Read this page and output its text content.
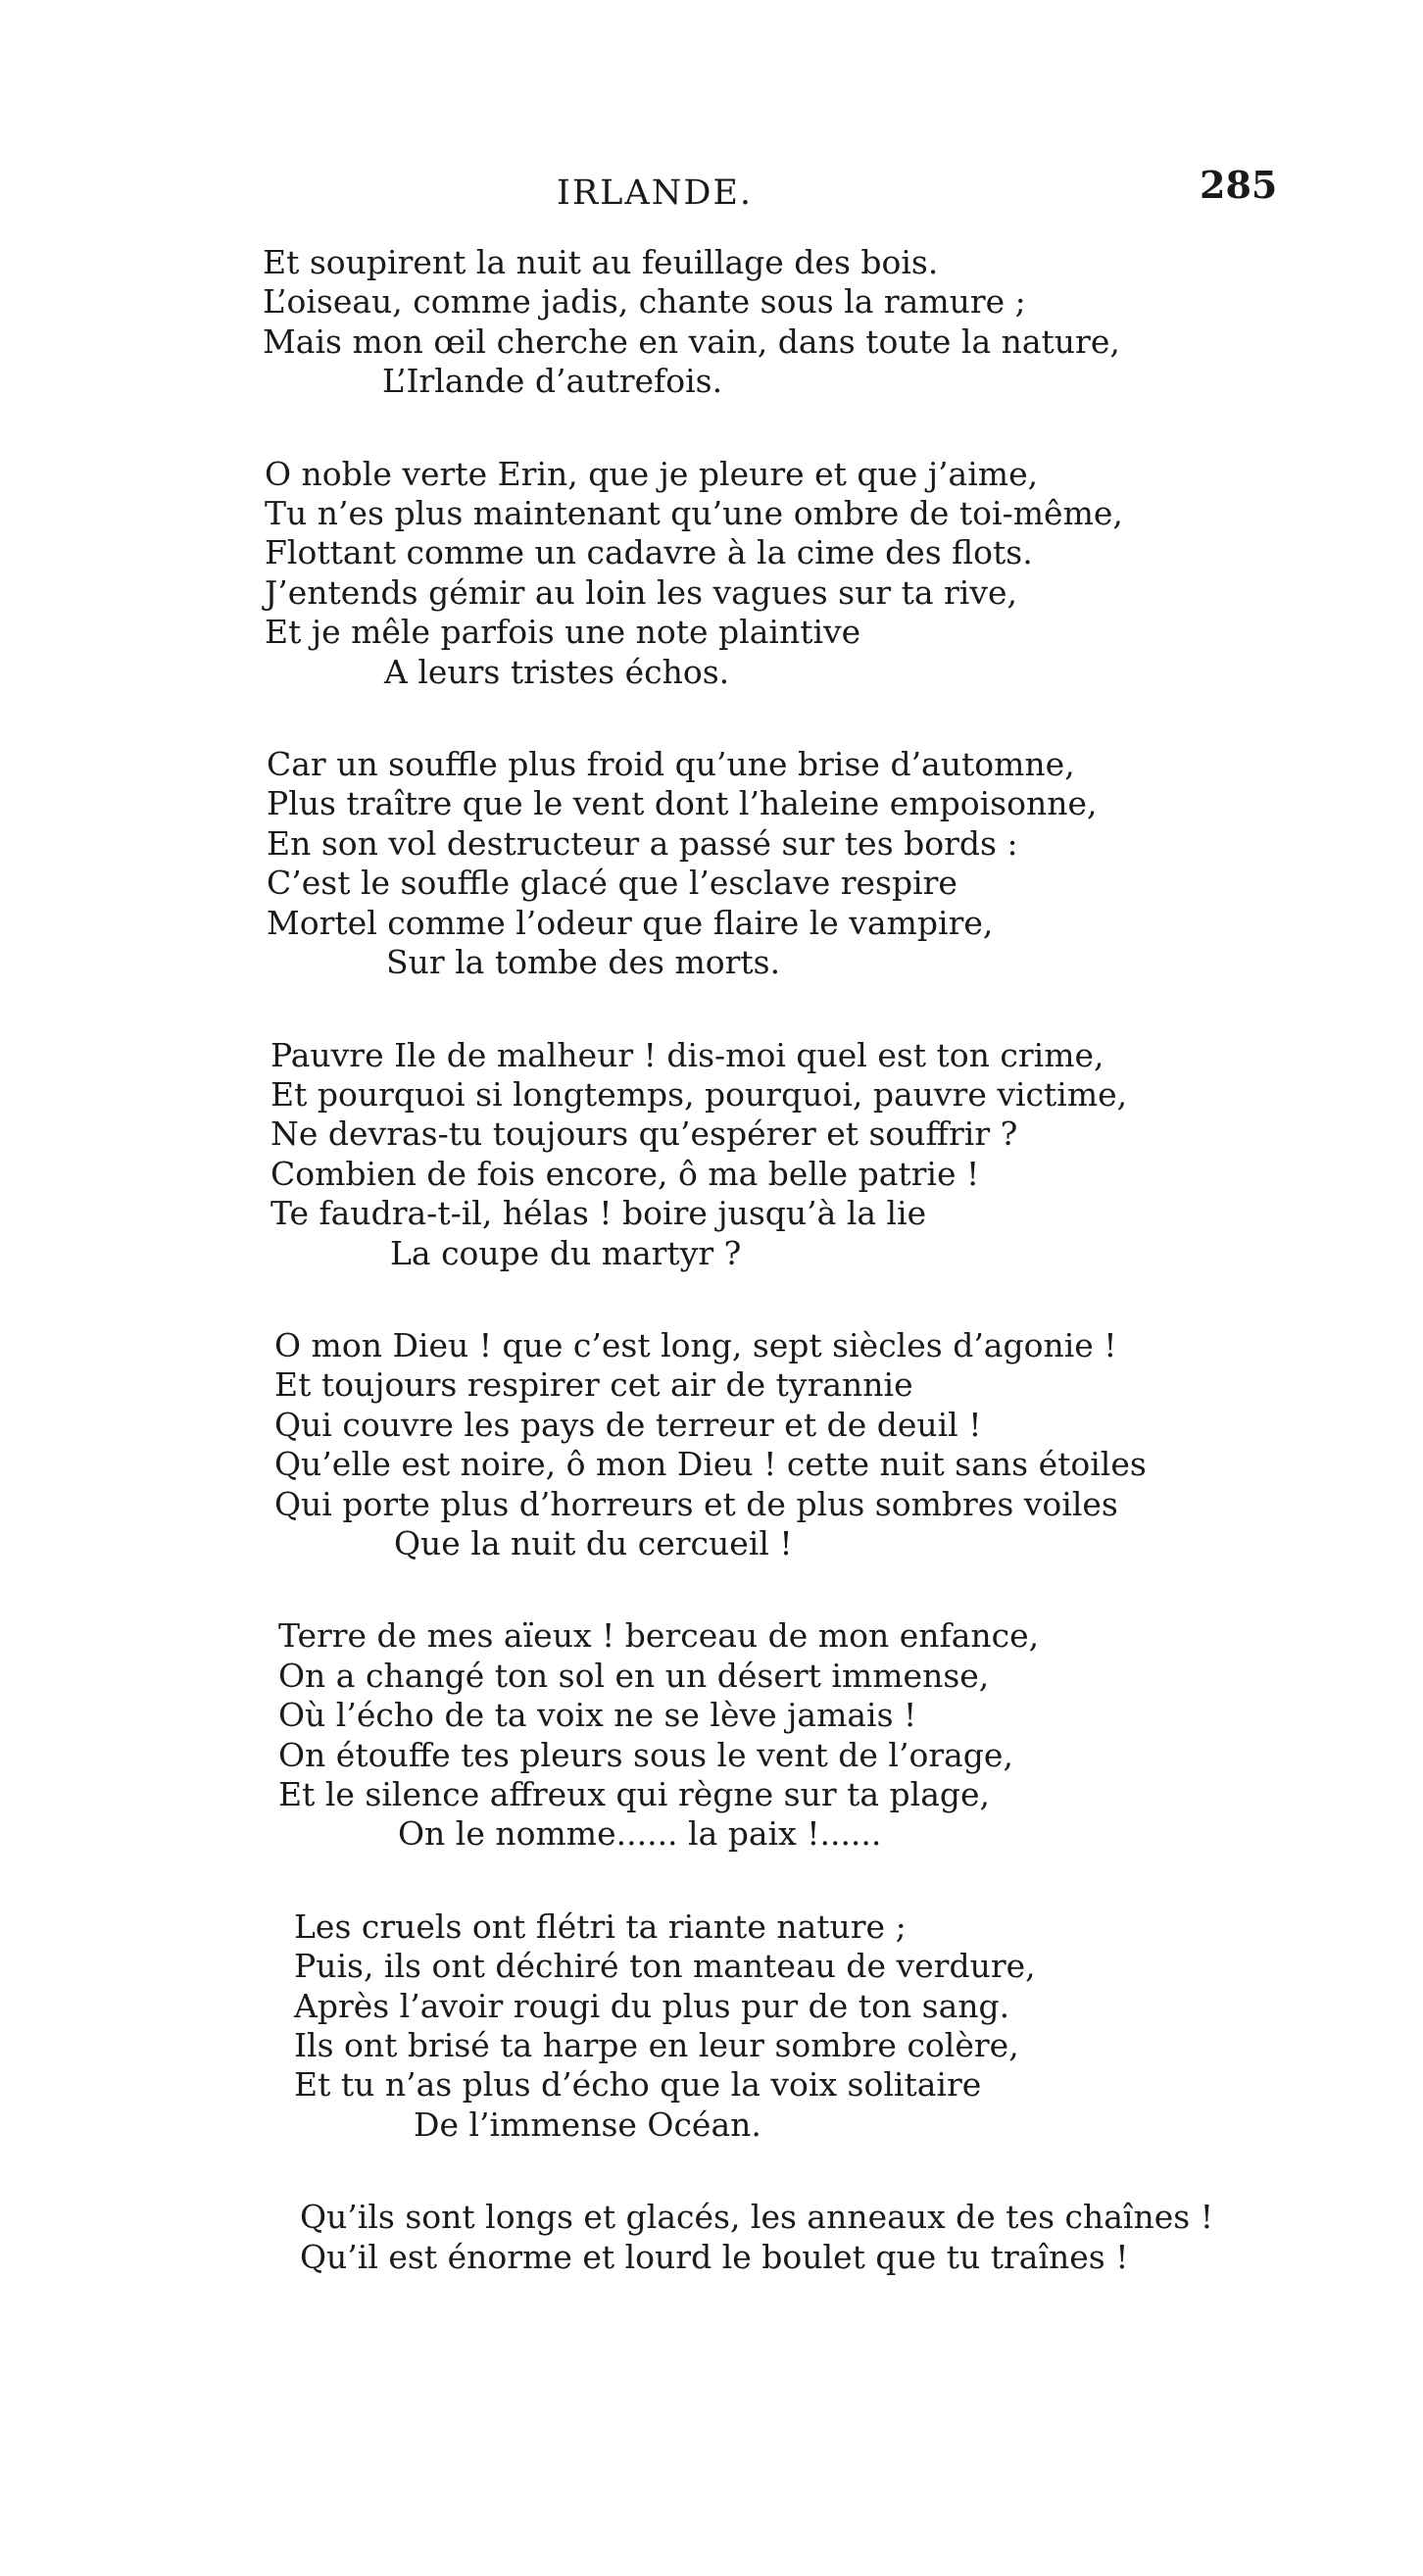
IRLANDE.	285
Et soupirent la nuit au feuillage des bois.
L’oiseau, comme jadis, chante sous la ramure ;
Mais mon œil cherche en vain, dans toute la nature,
L’Irlande d’autrefois.
O noble verte Erin, que je pleure et que j’aime,
Tu n’es plus maintenant qu’une ombre de toi-même,
Flottant comme un cadavre à la cime des flots.
J’entends gémir au loin les vagues sur ta rive,
Et je mêle parfois une note plaintive
A leurs tristes échos.
Car un souffle plus froid qu’une brise d’automne,
Plus traître que le vent dont l’haleine empoisonne,
En son vol destructeur a passé sur tes bords :
C’est le souffle glacé que l’esclave respire
Mortel comme l’odeur que flaire le vampire,
Sur la tombe des morts.
Pauvre Ile de malheur ! dis-moi quel est ton crime,
Et pourquoi si longtemps, pourquoi, pauvre victime,
Ne devras-tu toujours qu’espérer et souffrir ?
Combien de fois encore, ô ma belle patrie !
Te faudra-t-il, hélas ! boire jusqu’à la lie
La coupe du martyr ?
O mon Dieu ! que c’est long, sept siècles d’agonie !
Et toujours respirer cet air de tyrannie
Qui couvre les pays de terreur et de deuil !
Qu’elle est noire, ô mon Dieu ! cette nuit sans étoiles
Qui porte plus d’horreurs et de plus sombres voiles
Que la nuit du cercueil !
Terre de mes aïeux ! berceau de mon enfance,
On a changé ton sol en un désert immense,
Où l’écho de ta voix ne se lève jamais !
On étouffe tes pleurs sous le vent de l’orage,
Et le silence affreux qui règne sur ta plage,
On le nomme...... la paix !......
Les cruels ont flétri ta riante nature ;
Puis, ils ont déchiré ton manteau de verdure,
Après l’avoir rougi du plus pur de ton sang.
Ils ont brisé ta harpe en leur sombre colère,
Et tu n’as plus d’écho que la voix solitaire
De l’immense Océan.
Qu’ils sont longs et glacés, les anneaux de tes chaînes !
Qu’il est énorme et lourd le boulet que tu traînes !
